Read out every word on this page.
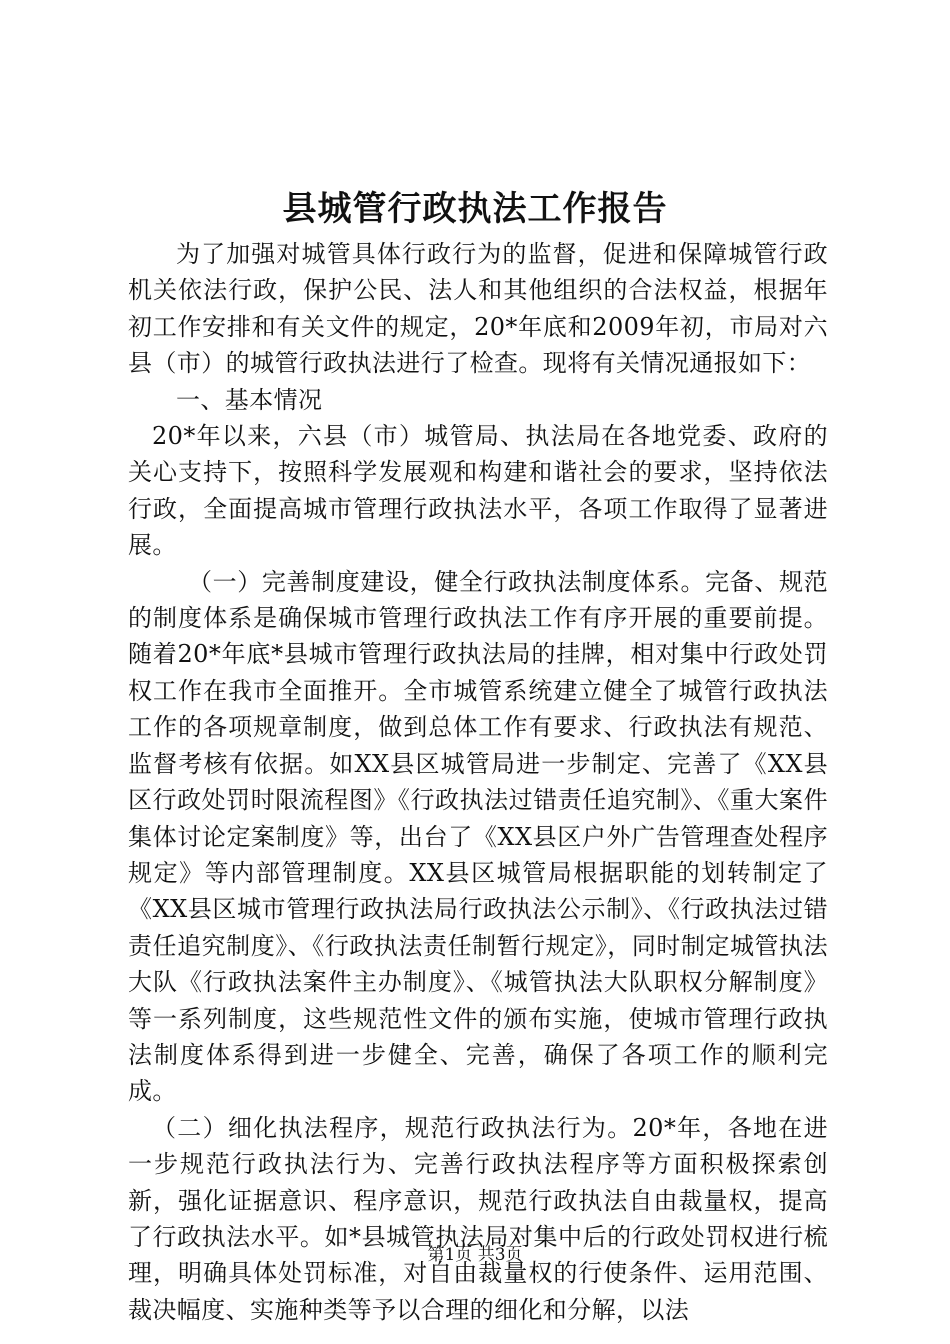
县城管行政执法工作报告

为了加强对城管具体行政行为的监督，促进和保障城管行政机关依法行政，保护公民、法人和其他组织的合法权益，根据年初工作安排和有关文件的规定，20*年底和2009年初，市局对六县（市）的城管行政执法进行了检查。现将有关情况通报如下：

一、基本情况

20*年以来，六县（市）城管局、执法局在各地党委、政府的关心支持下，按照科学发展观和构建和谐社会的要求，坚持依法行政，全面提高城市管理行政执法水平，各项工作取得了显著进展。

（一）完善制度建设，健全行政执法制度体系。完备、规范的制度体系是确保城市管理行政执法工作有序开展的重要前提。随着20*年底*县城市管理行政执法局的挂牌，相对集中行政处罚权工作在我市全面推开。全市城管系统建立健全了城管行政执法工作的各项规章制度，做到总体工作有要求、行政执法有规范、监督考核有依据。如XX县区城管局进一步制定、完善了《XX县区行政处罚时限流程图》《行政执法过错责任追究制》、《重大案件集体讨论定案制度》等，出台了《XX县区户外广告管理查处程序规定》等内部管理制度。XX县区城管局根据职能的划转制定了《XX县区城市管理行政执法局行政执法公示制》、《行政执法过错责任追究制度》、《行政执法责任制暂行规定》，同时制定城管执法大队《行政执法案件主办制度》、《城管执法大队职权分解制度》等一系列制度，这些规范性文件的颁布实施，使城市管理行政执法制度体系得到进一步健全、完善，确保了各项工作的顺利完成。

（二）细化执法程序，规范行政执法行为。20*年，各地在进一步规范行政执法行为、完善行政执法程序等方面积极探索创新，强化证据意识、程序意识，规范行政执法自由裁量权，提高了行政执法水平。如*县城管执法局对集中后的行政处罚权进行梳理，明确具体处罚标准，对自由裁量权的行使条件、运用范围、裁决幅度、实施种类等予以合理的细化和分解，以法

第1页 共3页
